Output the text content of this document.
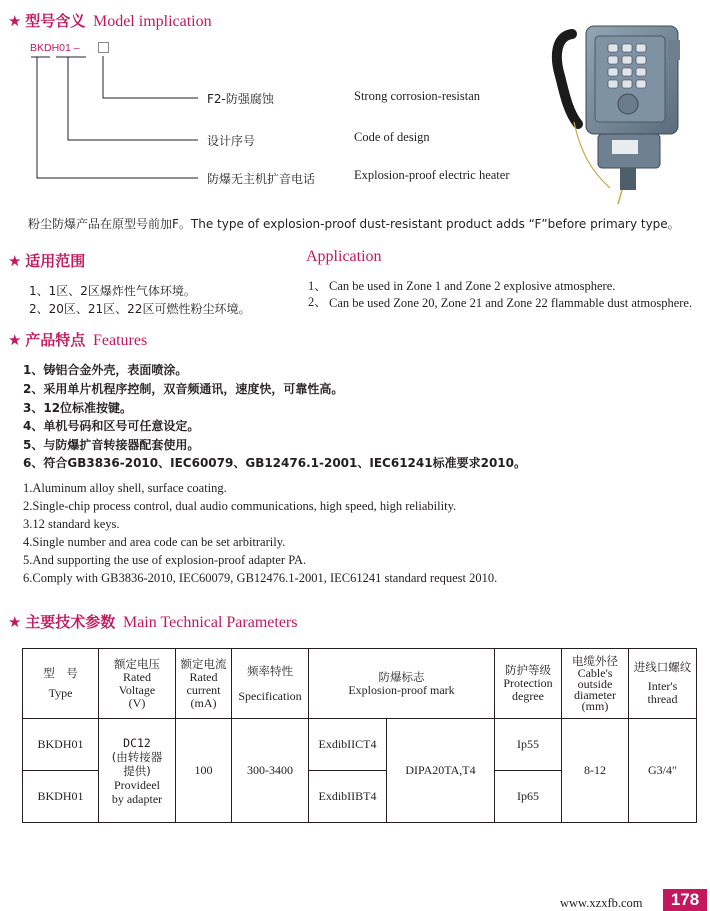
★ 型号含义 Model implication
BKDH01 –
F2-防强腐蚀
设计序号
防爆无主机扩音电话
Strong corrosion-resistan
Code of design
Explosion-proof electric heater
粉尘防爆产品在原型号前加F。The type of explosion-proof dust-resistant product adds “F”before primary type。
★ 适用范围	Application
1、1区、2区爆炸性气体环境。
2、20区、21区、22区可燃性粉尘环境。
1、 Can be used in Zone 1 and Zone 2 explosive atmosphere.
2、 Can be used Zone 20, Zone 21 and Zone 22 flammable dust atmosphere.
★ 产品特点 Features
1、铸铝合金外壳，表面喷涂。
2、采用单片机程序控制，双音频通讯，速度快，可靠性高。
3、12位标准按键。
4、单机号码和区号可任意设定。
5、与防爆扩音转接器配套使用。
6、符合GB3836-2010、IEC60079、GB12476.1-2001、IEC61241标准要求2010。
1.Aluminum alloy shell, surface coating.
2.Single-chip process control, dual audio communications, high speed, high reliability.
3.12 standard keys.
4.Single number and area code can be set arbitrarily.
5.And supporting the use of explosion-proof adapter PA.
6.Comply with GB3836-2010, IEC60079, GB12476.1-2001, IEC61241 standard request 2010.
★ 主要技术参数 Main Technical Parameters
型　号
Type	额定电压
Rated
Voltage
(V)	额定电流
Rated
current
(mA)	频率特性
Specification	防爆标志
Explosion-proof mark		防护等级
Protection
degree	电缆外径
Cable's
outside
diameter
(mm)	进线口螺纹
Inter's
thread

BKDH01	DC12
(由转接器
提供)
Provideel
by adapter	100	300-3400	ExdibIICT4	DIPA20TA,T4	Ip55	8-12	G3/4″
BKDH01				ExdibIIBT4		Ip65		
www.xzxfb.com	178
